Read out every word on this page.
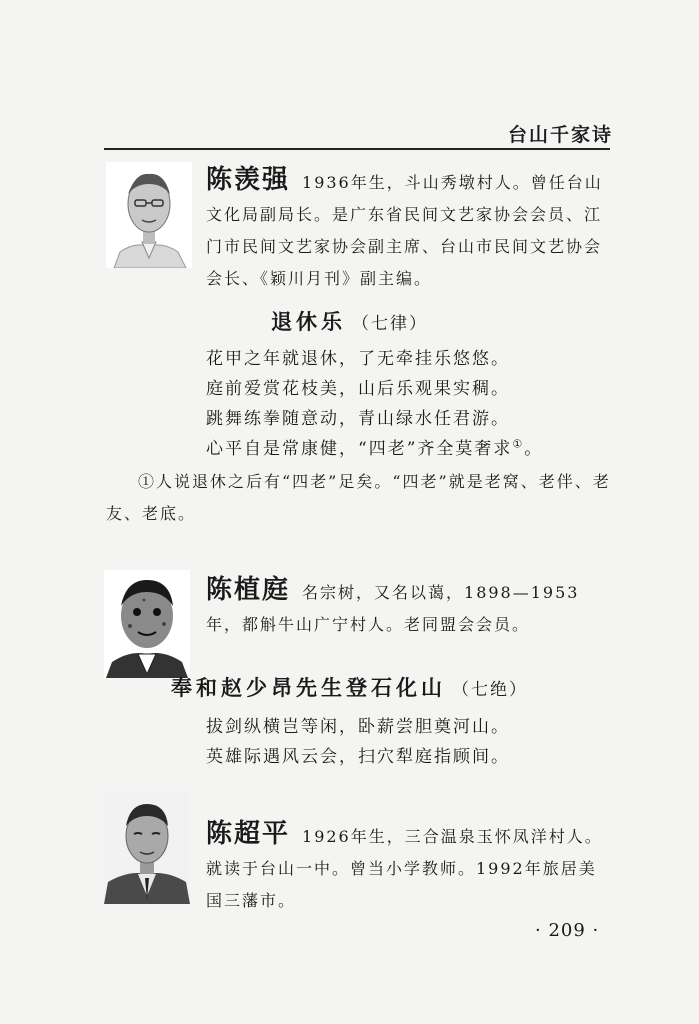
台山千家诗
陈羡强 1936年生，斗山秀墩村人。曾任台山文化局副局长。是广东省民间文艺家协会会员、江门市民间文艺家协会副主席、台山市民间文艺协会会长、《颖川月刊》副主编。
退休乐 （七律）
花甲之年就退休，了无牵挂乐悠悠。
庭前爱赏花枝美，山后乐观果实稠。
跳舞练拳随意动，青山绿水任君游。
心平自是常康健，“四老”齐全莫奢求①。
①人说退休之后有“四老”足矣。“四老”就是老窝、老伴、老友、老底。
陈植庭 名宗树，又名以蔼，1898—1953年，都斛牛山广宁村人。老同盟会会员。
奉和赵少昂先生登石化山 （七绝）
拔剑纵横岂等闲，卧薪尝胆奠河山。
英雄际遇风云会，扫穴犁庭指顾间。
陈超平 1926年生，三合温泉玉怀凤洋村人。就读于台山一中。曾当小学教师。1992年旅居美国三藩市。
· 209 ·
